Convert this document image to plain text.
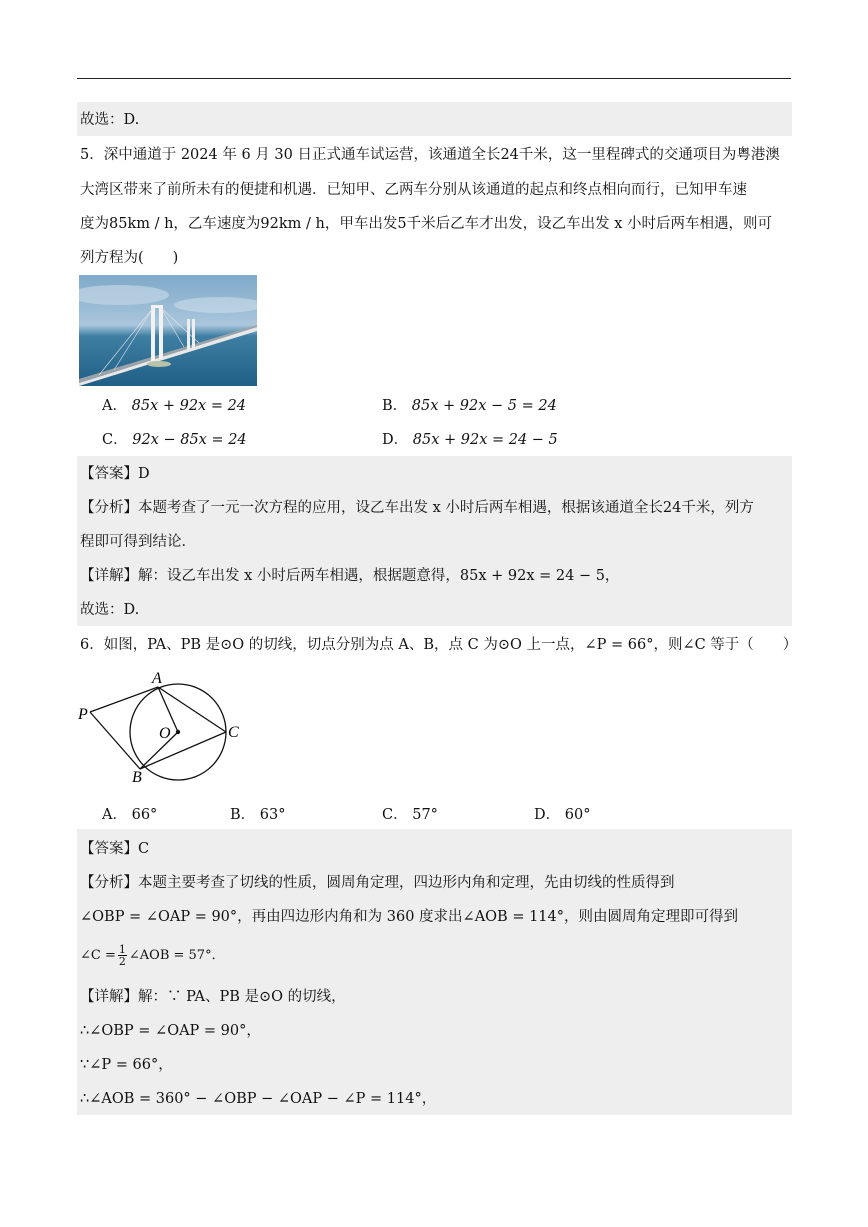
故选：D.
5．深中通道于 2024 年 6 月 30 日正式通车试运营，该通道全长24千米，这一里程碑式的交通项目为粤港澳
大湾区带来了前所未有的便捷和机遇．已知甲、乙两车分别从该通道的起点和终点相向而行，已知甲车速
度为85km / h，乙车速度为92km / h，甲车出发5千米后乙车才出发，设乙车出发 x 小时后两车相遇，则可
列方程为(　　)
A． 85x + 92x = 24	B． 85x + 92x − 5 = 24
C． 92x − 85x = 24	D． 85x + 92x = 24 − 5
【答案】D
【分析】本题考查了一元一次方程的应用，设乙车出发 x 小时后两车相遇，根据该通道全长24千米，列方
程即可得到结论．
【详解】解：设乙车出发 x 小时后两车相遇，根据题意得，85x + 92x = 24 − 5，
故选：D.
6．如图，PA、PB 是⊙O 的切线，切点分别为点 A、B，点 C 为⊙O 上一点，∠P = 66°，则∠C 等于（　　）
P
A
O	C
B
A． 66°	B． 63°	C． 57°	D． 60°
【答案】C
【分析】本题主要考查了切线的性质，圆周角定理，四边形内角和定理，先由切线的性质得到
∠OBP = ∠OAP = 90°，再由四边形内角和为 360 度求出∠AOB = 114°，则由圆周角定理即可得到
∠C = $\frac{1}{2}$ ∠AOB = 57°．
【详解】解：∵ PA、PB 是⊙O 的切线，
∴∠OBP = ∠OAP = 90°，
∵∠P = 66°，
∴∠AOB = 360° − ∠OBP − ∠OAP − ∠P = 114°，
